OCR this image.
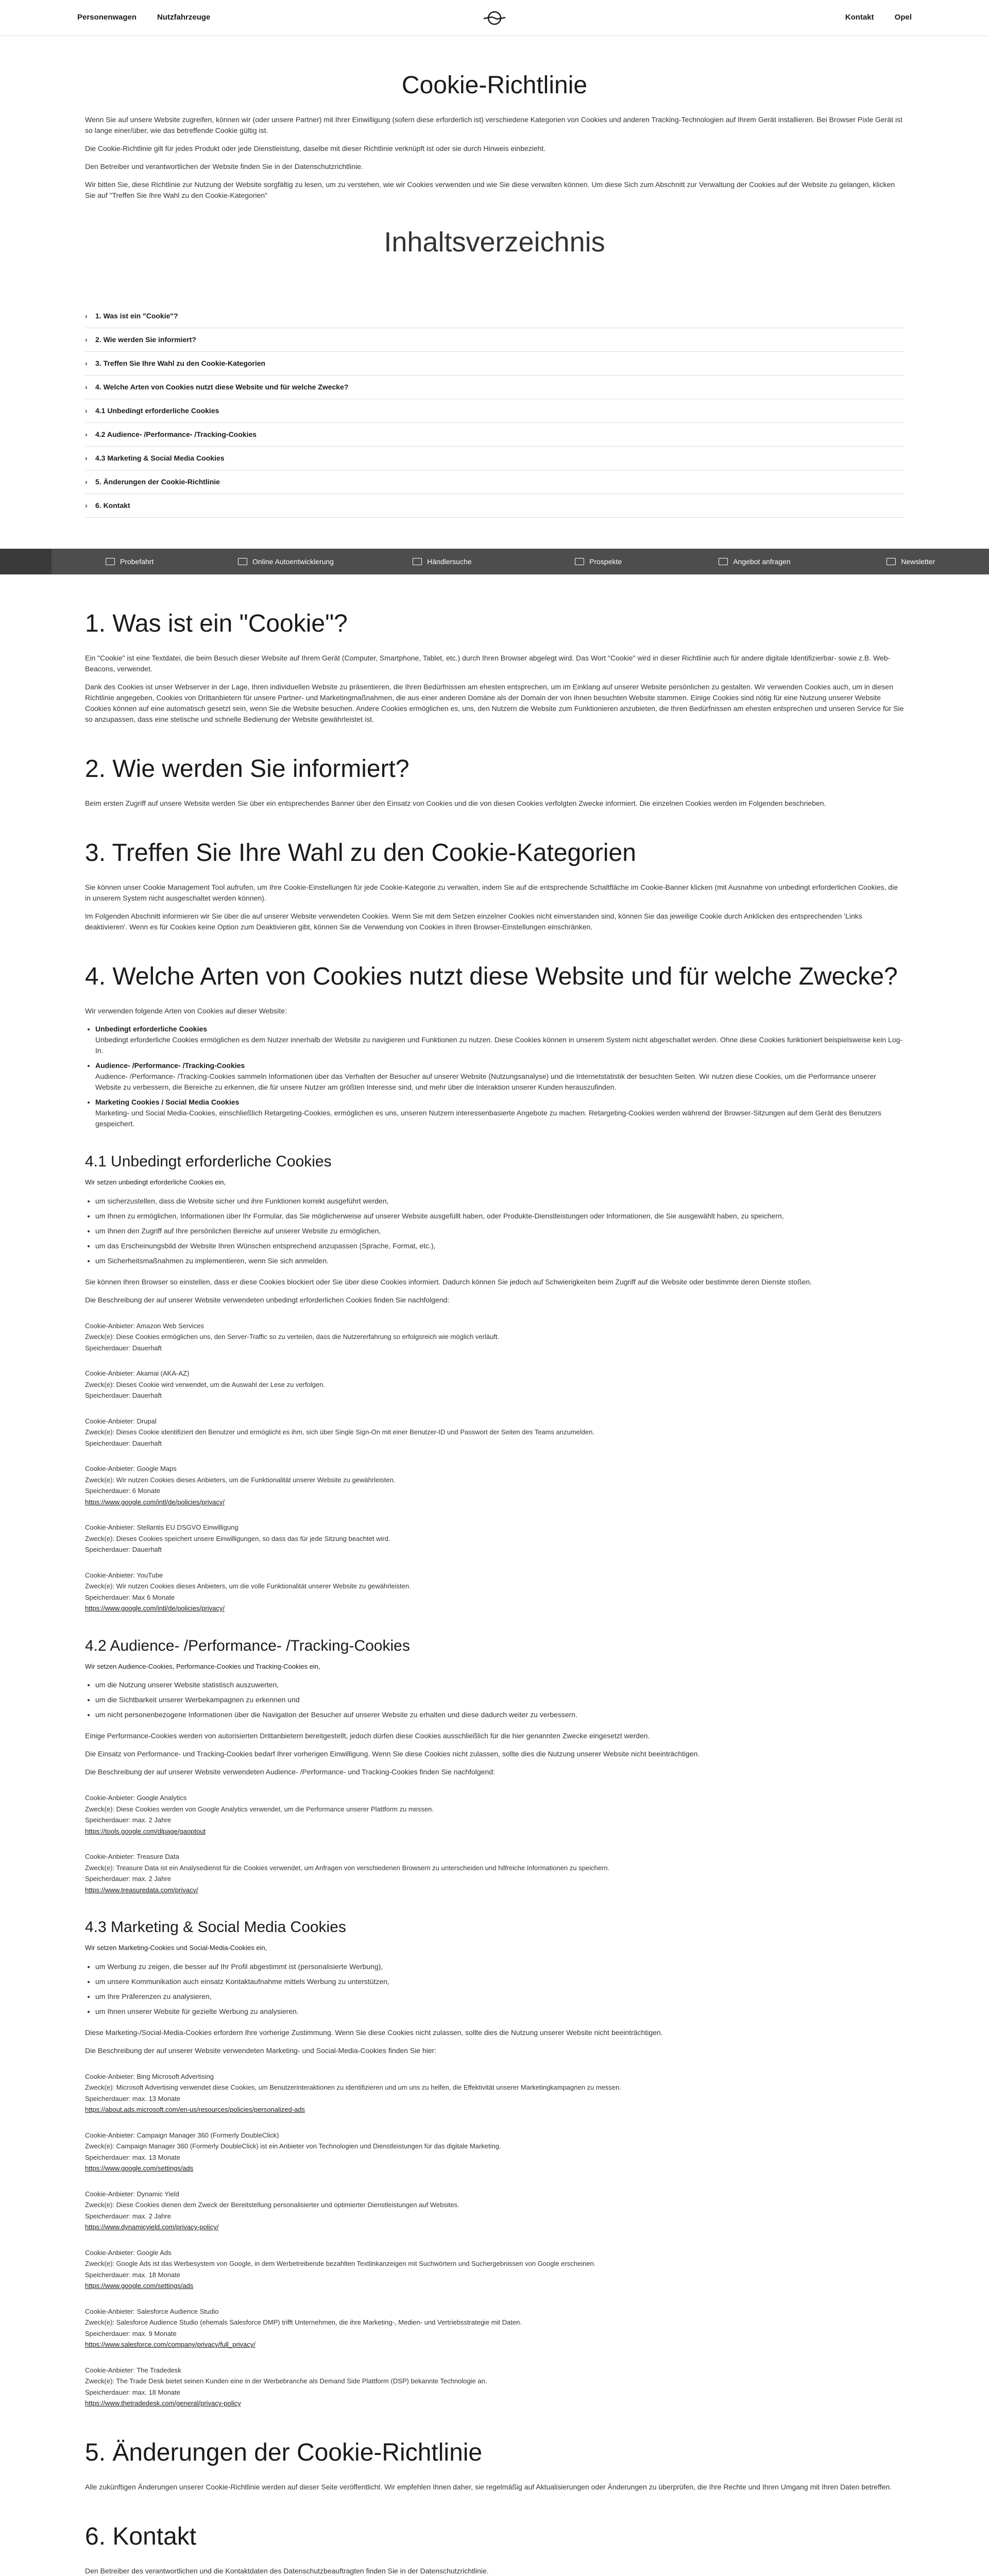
Personenwagen	Nutzfahrzeuge	Kontakt	Opel
Cookie-Richtlinie

Wenn Sie auf unsere Website zugreifen, können wir (oder unsere Partner) mit Ihrer Einwilligung (sofern diese erforderlich ist) verschiedene Kategorien von Cookies und anderen Tracking-Technologien auf Ihrem Gerät installieren. Bei Browser Pixle Gerät ist so lange einer/über, wie das betreffende Cookie gültig ist.

Die Cookie-Richtlinie gilt für jedes Produkt oder jede Dienstleistung, daselbe mit dieser Richtlinie verknüpft ist oder sie durch Hinweis einbezieht.

Den Betreiber und verantwortlichen der Website finden Sie in der Datenschutzrichtlinie.

Wir bitten Sie, diese Richtlinie zur Nutzung der Website sorgfältig zu lesen, um zu verstehen, wie wir Cookies verwenden und wie Sie diese verwalten können. Um diese Sich zum Abschnitt zur Verwaltung der Cookies auf der Website zu gelangen, klicken Sie auf "Treffen Sie Ihre Wahl zu den Cookie-Kategorien"

Inhaltsverzeichnis
›	1. Was ist ein "Cookie"?
›	2. Wie werden Sie informiert?
›	3. Treffen Sie Ihre Wahl zu den Cookie-Kategorien
›	4. Welche Arten von Cookies nutzt diese Website und für welche Zwecke?
›	4.1 Unbedingt erforderliche Cookies
›	4.2 Audience- /Performance- /Tracking-Cookies
›	4.3 Marketing & Social Media Cookies
›	5. Änderungen der Cookie-Richtlinie
›	6. Kontakt
Probefahrt	Online Autoentwicklerung	Händlersuche	Prospekte	Angebot anfragen	Newsletter
1. Was ist ein "Cookie"?

Ein "Cookie" ist eine Textdatei, die beim Besuch dieser Website auf Ihrem Gerät (Computer, Smartphone, Tablet, etc.) durch Ihren Browser abgelegt wird. Das Wort "Cookie" wird in dieser Richtlinie auch für andere digitale Identifizierbar- sowie z.B. Web-Beacons, verwendet.

Dank des Cookies ist unser Webserver in der Lage, Ihren individuellen Website zu präsentieren, die Ihren Bedürfnissen am ehesten entsprechen, um im Einklang auf unserer Website persönlichen zu gestalten. Wir verwenden Cookies auch, um in diesen Richtlinie angegeben, Cookies von Drittanbietern für unsere Partner- und Marketingmaßnahmen, die aus einer anderen Domäne als der Domain der von Ihnen besuchten Website stammen. Einige Cookies sind nötig für eine Nutzung unserer Website Cookies können auf eine automatisch gesetzt sein, wenn Sie die Website besuchen. Andere Cookies ermöglichen es, uns, den Nutzern die Website zum Funktionieren anzubieten, die Ihren Bedürfnissen am ehesten entsprechen und unseren Service für Sie so anzupassen, dass eine stetische und schnelle Bedienung der Website gewährleistet ist.

2. Wie werden Sie informiert?

Beim ersten Zugriff auf unsere Website werden Sie über ein entsprechendes Banner über den Einsatz von Cookies und die von diesen Cookies verfolgten Zwecke informiert. Die einzelnen Cookies werden im Folgenden beschrieben.

3. Treffen Sie Ihre Wahl zu den Cookie-Kategorien

Sie können unser Cookie Management Tool aufrufen, um Ihre Cookie-Einstellungen für jede Cookie-Kategorie zu verwalten, indem Sie auf die entsprechende Schaltfläche im Cookie-Banner klicken (mit Ausnahme von unbedingt erforderlichen Cookies, die in unserem System nicht ausgeschaltet werden können).

Im Folgenden Abschnitt informieren wir Sie über die auf unserer Website verwendeten Cookies. Wenn Sie mit dem Setzen einzelner Cookies nicht einverstanden sind, können Sie das jeweilige Cookie durch Anklicken des entsprechenden 'Links deaktivieren'. Wenn es für Cookies keine Option zum Deaktivieren gibt, können Sie die Verwendung von Cookies in Ihren Browser-Einstellungen einschränken.

4. Welche Arten von Cookies nutzt diese Website und für welche Zwecke?

Wir verwenden folgende Arten von Cookies auf dieser Website:

• Unbedingt erforderliche Cookies
Unbedingt erforderliche Cookies ermöglichen es dem Nutzer innerhalb der Website zu navigieren und Funktionen zu nutzen. Diese Cookies können in unserem System nicht abgeschaltet werden. Ohne diese Cookies funktioniert beispielsweise kein Log-In.
• Audience- /Performance- /Tracking-Cookies
Audience- /Performance- /Tracking-Cookies sammeln Informationen über das Verhalten der Besucher auf unserer Website (Nutzungsanalyse) und die Internetstatistik der besuchten Seiten. Wir nutzen diese Cookies, um die Performance unserer Website zu verbessern, die Bereiche zu erkennen, die für unsere Nutzer am größten Interesse sind, und mehr über die Interaktion unserer Kunden herauszufinden.
• Marketing Cookies / Social Media Cookies
Marketing- und Social Media-Cookies, einschließlich Retargeting-Cookies, ermöglichen es uns, unseren Nutzern interessenbasierte Angebote zu machen. Retargeting-Cookies werden während der Browser-Sitzungen auf dem Gerät des Benutzers gespeichert.
4.1 Unbedingt erforderliche Cookies
Wir setzen unbedingt erforderliche Cookies ein,
• um sicherzustellen, dass die Website sicher und ihre Funktionen korrekt ausgeführt werden,
• um Ihnen zu ermöglichen, Informationen über Ihr Formular, das Sie möglicherweise auf unserer Website ausgefüllt haben, oder Produkte-Dienstleistungen oder Informationen, die Sie ausgewählt haben, zu speichern,
• um Ihnen den Zugriff auf Ihre persönlichen Bereiche auf unserer Website zu ermöglichen,
• um das Erscheinungsbild der Website Ihren Wünschen entsprechend anzupassen (Sprache, Format, etc.),
• um Sicherheitsmaßnahmen zu implementieren, wenn Sie sich anmelden.

Sie können Ihren Browser so einstellen, dass er diese Cookies blockiert oder Sie über diese Cookies informiert. Dadurch können Sie jedoch auf Schwierigkeiten beim Zugriff auf die Website oder bestimmte deren Dienste stoßen.

Die Beschreibung der auf unserer Website verwendeten unbedingt erforderlichen Cookies finden Sie nachfolgend:

Cookie-Anbieter: Amazon Web Services
Zweck(e): Diese Cookies ermöglichen uns, den Server-Traffic so zu verteilen, dass die Nutzererfahrung so erfolgsreich wie möglich verläuft.
Speicherdauer: Dauerhaft
Cookie-Anbieter: Akamai (AKA-AZ)
Zweck(e): Dieses Cookie wird verwendet, um die Auswahl der Lese zu verfolgen.
Speicherdauer: Dauerhaft
Cookie-Anbieter: Drupal
Zweck(e): Dieses Cookie identifiziert den Benutzer und ermöglicht es ihm, sich über Single Sign-On mit einer Benutzer-ID und Passwort der Seiten des Teams anzumelden.
Speicherdauer: Dauerhaft
Cookie-Anbieter: Google Maps
Zweck(e): Wir nutzen Cookies dieses Anbieters, um die Funktionalität unserer Website zu gewährleisten.
Speicherdauer: 6 Monate
https://www.google.com/intl/de/policies/privacy/
Cookie-Anbieter: Stellantis EU DSGVO Einwilligung
Zweck(e): Dieses Cookies speichert unsere Einwilligungen, so dass das für jede Sitzung beachtet wird.
Speicherdauer: Dauerhaft
Cookie-Anbieter: YouTube
Zweck(e): Wir nutzen Cookies dieses Anbieters, um die volle Funktionalität unserer Website zu gewährleisten.
Speicherdauer: Max 6 Monate
https://www.google.com/intl/de/policies/privacy/
4.2 Audience- /Performance- /Tracking-Cookies
Wir setzen Audience-Cookies, Performance-Cookies und Tracking-Cookies ein,
• um die Nutzung unserer Website statistisch auszuwerten,
• um die Sichtbarkeit unserer Werbekampagnen zu erkennen und
• um nicht personenbezogene Informationen über die Navigation der Besucher auf unserer Website zu erhalten und diese dadurch weiter zu verbessern.

Einige Performance-Cookies werden von autorisierten Drittanbietern bereitgestellt, jedoch dürfen diese Cookies ausschließlich für die hier genannten Zwecke eingesetzt werden.

Die Einsatz von Performance- und Tracking-Cookies bedarf Ihrer vorherigen Einwilligung. Wenn Sie diese Cookies nicht zulassen, sollte dies die Nutzung unserer Website nicht beeinträchtigen.

Die Beschreibung der auf unserer Website verwendeten Audience- /Performance- und Tracking-Cookies finden Sie nachfolgend:

Cookie-Anbieter: Google Analytics
Zweck(e): Diese Cookies werden von Google Analytics verwendet, um die Performance unserer Plattform zu messen.
Speicherdauer: max. 2 Jahre
https://tools.google.com/dlpage/gaoptout
Cookie-Anbieter: Treasure Data
Zweck(e): Treasure Data ist ein Analysedienst für die Cookies verwendet, um Anfragen von verschiedenen Browsern zu unterscheiden und hilfreiche Informationen zu speichern.
Speicherdauer: max. 2 Jahre
https://www.treasuredata.com/privacy/
4.3 Marketing & Social Media Cookies
Wir setzen Marketing-Cookies und Social-Media-Cookies ein,
• um Werbung zu zeigen, die besser auf Ihr Profil abgestimmt ist (personalisierte Werbung),
• um unsere Kommunikation auch einsatz Kontaktaufnahme mittels Werbung zu unterstützen,
• um Ihre Präferenzen zu analysieren,
• um Ihnen unserer Website für gezielte Werbung zu analysieren.

Diese Marketing-/Social-Media-Cookies erfordern Ihre vorherige Zustimmung. Wenn Sie diese Cookies nicht zulassen, sollte dies die Nutzung unserer Website nicht beeinträchtigen.

Die Beschreibung der auf unserer Website verwendeten Marketing- und Social-Media-Cookies finden Sie hier:

Cookie-Anbieter: Bing Microsoft Advertising
Zweck(e): Microsoft Advertising verwendet diese Cookies, um Benutzerinteraktionen zu identifizieren und um uns zu helfen, die Effektivität unserer Marketingkampagnen zu messen.
Speicherdauer: max. 13 Monate
https://about.ads.microsoft.com/en-us/resources/policies/personalized-ads
Cookie-Anbieter: Campaign Manager 360 (Formerly DoubleClick)
Zweck(e): Campaign Manager 360 (Formerly DoubleClick) ist ein Anbieter von Technologien und Dienstleistungen für das digitale Marketing.
Speicherdauer: max. 13 Monate
https://www.google.com/settings/ads
Cookie-Anbieter: Dynamic Yield
Zweck(e): Diese Cookies dienen dem Zweck der Bereitstellung personalisierter und optimierter Dienstleistungen auf Websites.
Speicherdauer: max. 2 Jahre
https://www.dynamicyield.com/privacy-policy/
Cookie-Anbieter: Google Ads
Zweck(e): Google Ads ist das Werbesystem von Google, in dem Werbetreibende bezahlten Textlinkanzeigen mit Suchwörtern und Suchergebnissen von Google erscheinen.
Speicherdauer: max. 18 Monate
https://www.google.com/settings/ads
Cookie-Anbieter: Salesforce Audience Studio
Zweck(e): Salesforce Audience Studio (ehemals Salesforce DMP) trifft Unternehmen, die ihre Marketing-, Medien- und Vertriebsstrategie mit Daten.
Speicherdauer: max. 9 Monate
https://www.salesforce.com/company/privacy/full_privacy/
Cookie-Anbieter: The Tradedesk
Zweck(e): The Trade Desk bietet seinen Kunden eine in der Werbebranche als Demand Side Plattform (DSP) bekannte Technologie an.
Speicherdauer: max. 18 Monate
https://www.thetradedesk.com/general/privacy-policy
5. Änderungen der Cookie-Richtlinie

Alle zukünftigen Änderungen unserer Cookie-Richtlinie werden auf dieser Seite veröffentlicht. Wir empfehlen Ihnen daher, sie regelmäßig auf Aktualisierungen oder Änderungen zu überprüfen, die Ihre Rechte und Ihren Umgang mit Ihren Daten betreffen.

6. Kontakt

Den Betreiber des verantwortlichen und die Kontaktdaten des Datenschutzbeauftragten finden Sie in der Datenschutzrichtlinie.
